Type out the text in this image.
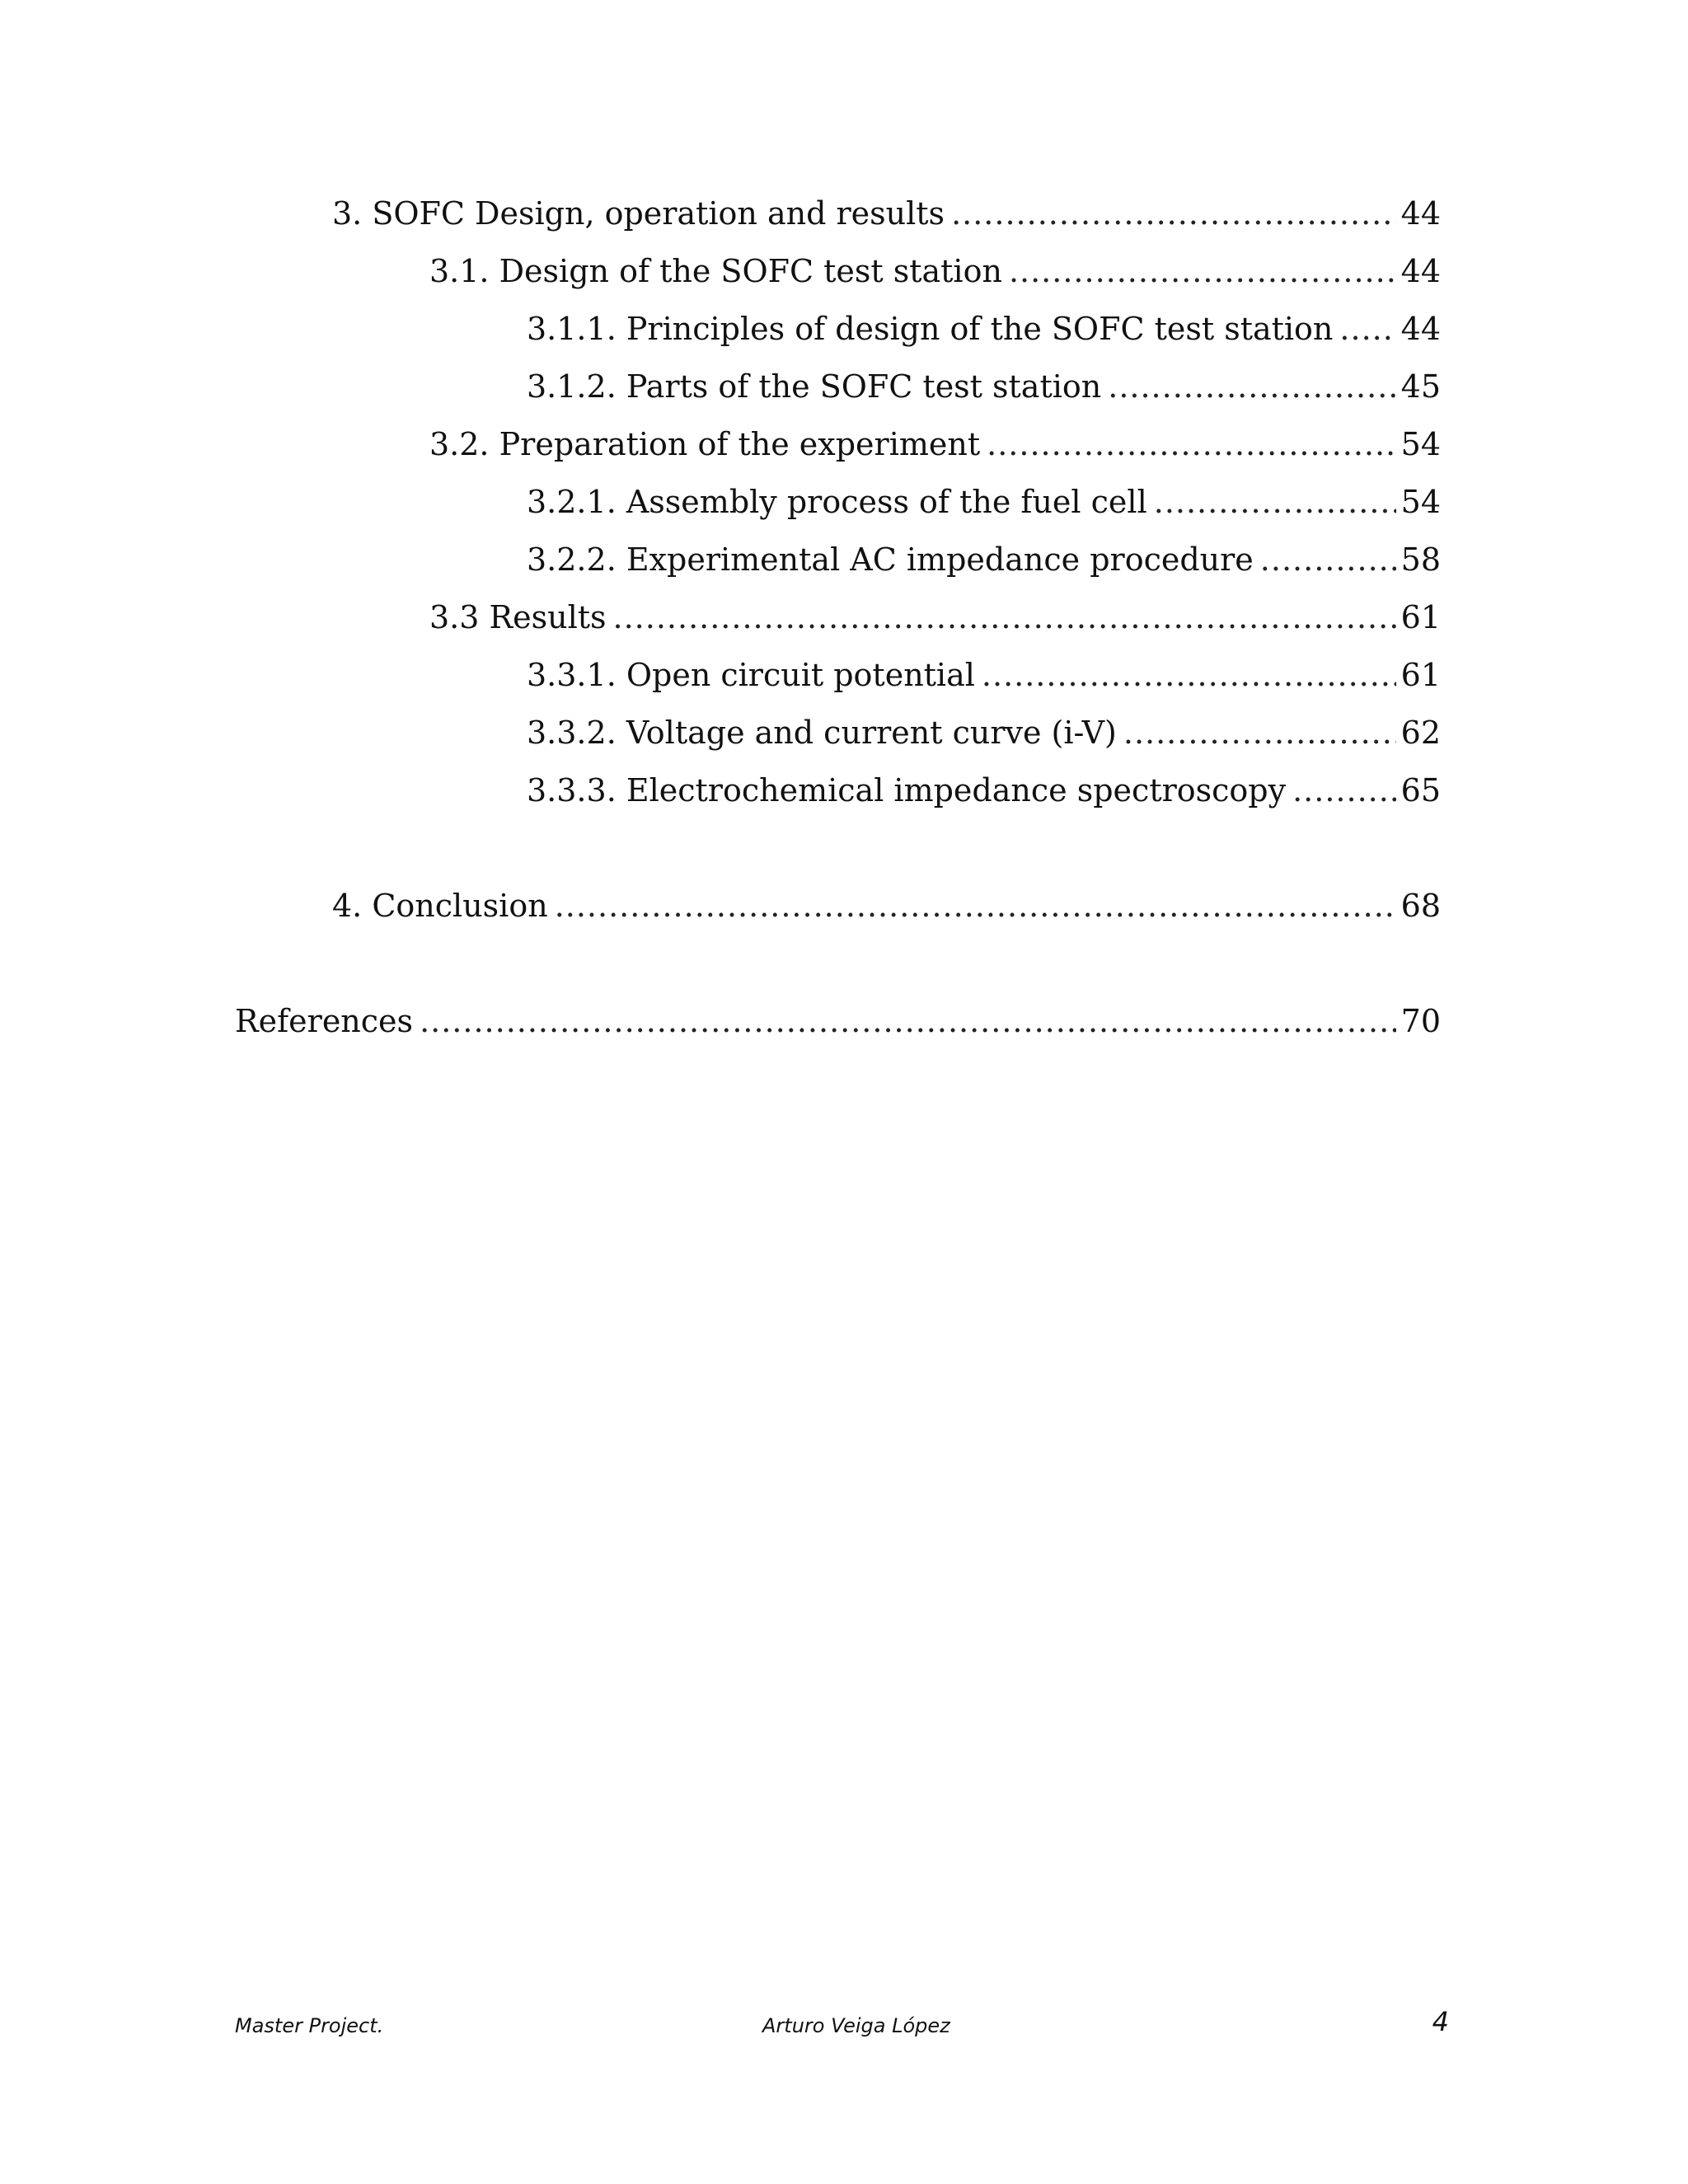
3. SOFC Design, operation and results .....	44
3.1. Design of the SOFC test station .....	44
3.1.1. Principles of design of the SOFC test station ..... 44
3.1.2. Parts of the SOFC test station .....	45
3.2. Preparation of the experiment .....	54
3.2.1. Assembly process of the fuel cell .....	54
3.2.2. Experimental AC impedance procedure .....	58
3.3 Results .....	61
3.3.1. Open circuit potential .....	61
3.3.2. Voltage and current curve (i-V) .....	62
3.3.3. Electrochemical impedance spectroscopy .....	65
4. Conclusion .....	68
References .....	70
Master Project.	Arturo Veiga López	4
